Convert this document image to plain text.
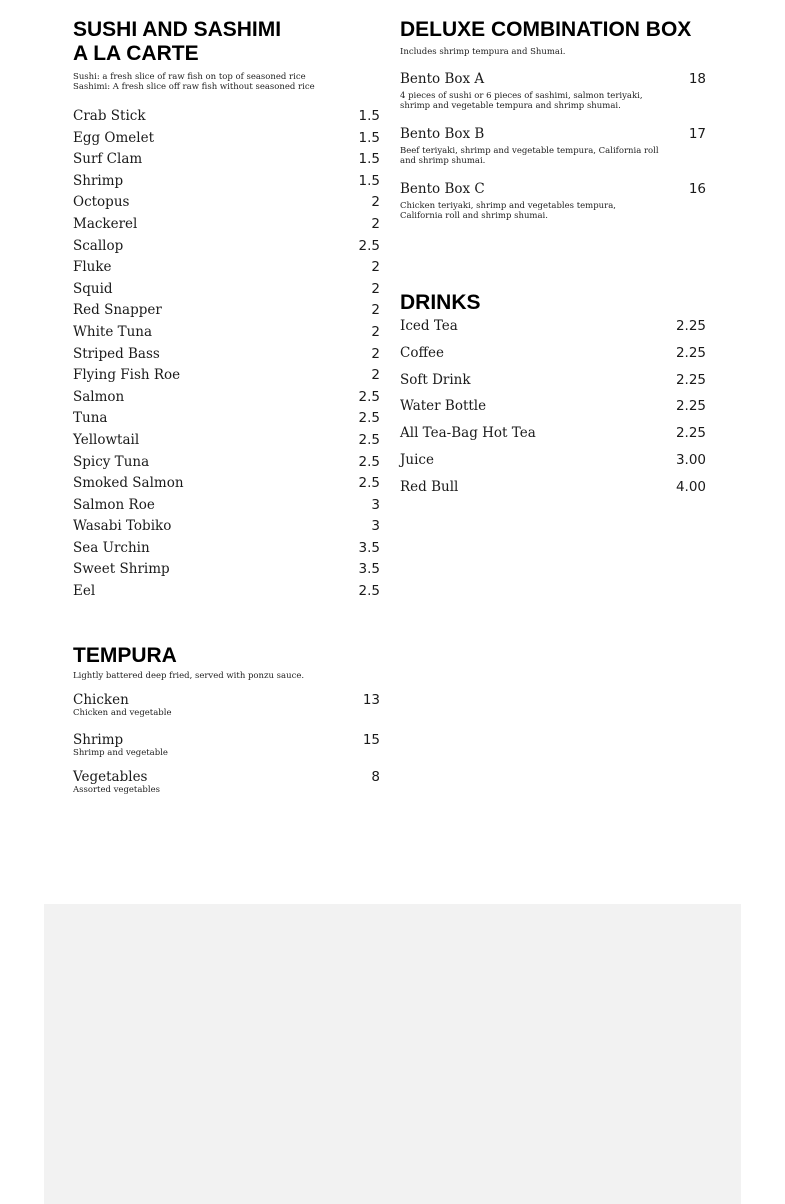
SUSHI AND SASHIMI
A LA CARTE
Sushi: a fresh slice of raw fish on top of seasoned rice
Sashimi: A fresh slice off raw fish without seasoned rice
Crab Stick	1.5
Egg Omelet	1.5
Surf Clam	1.5
Shrimp	1.5
Octopus	2
Mackerel	2
Scallop	2.5
Fluke	2
Squid	2
Red Snapper	2
White Tuna	2
Striped Bass	2
Flying Fish Roe	2
Salmon	2.5
Tuna	2.5
Yellowtail	2.5
Spicy Tuna	2.5
Smoked Salmon	2.5
Salmon Roe	3
Wasabi Tobiko	3
Sea Urchin	3.5
Sweet Shrimp	3.5
Eel	2.5
TEMPURA
Lightly battered deep fried, served with ponzu sauce.
Chicken	13
Chicken and vegetable
Shrimp	15
Shrimp and vegetable
Vegetables	8
Assorted vegetables
DELUXE COMBINATION BOX
Includes shrimp tempura and Shumai.
Bento Box A	18
4 pieces of sushi or 6 pieces of sashimi, salmon teriyaki, shrimp and vegetable tempura and shrimp shumai.
Bento Box B	17
Beef teriyaki, shrimp and vegetable tempura, California roll and shrimp shumai.
Bento Box C	16
Chicken teriyaki, shrimp and vegetables tempura, California roll and shrimp shumai.
DRINKS
Iced Tea	2.25
Coffee	2.25
Soft Drink	2.25
Water Bottle	2.25
All Tea-Bag Hot Tea	2.25
Juice	3.00
Red Bull	4.00
